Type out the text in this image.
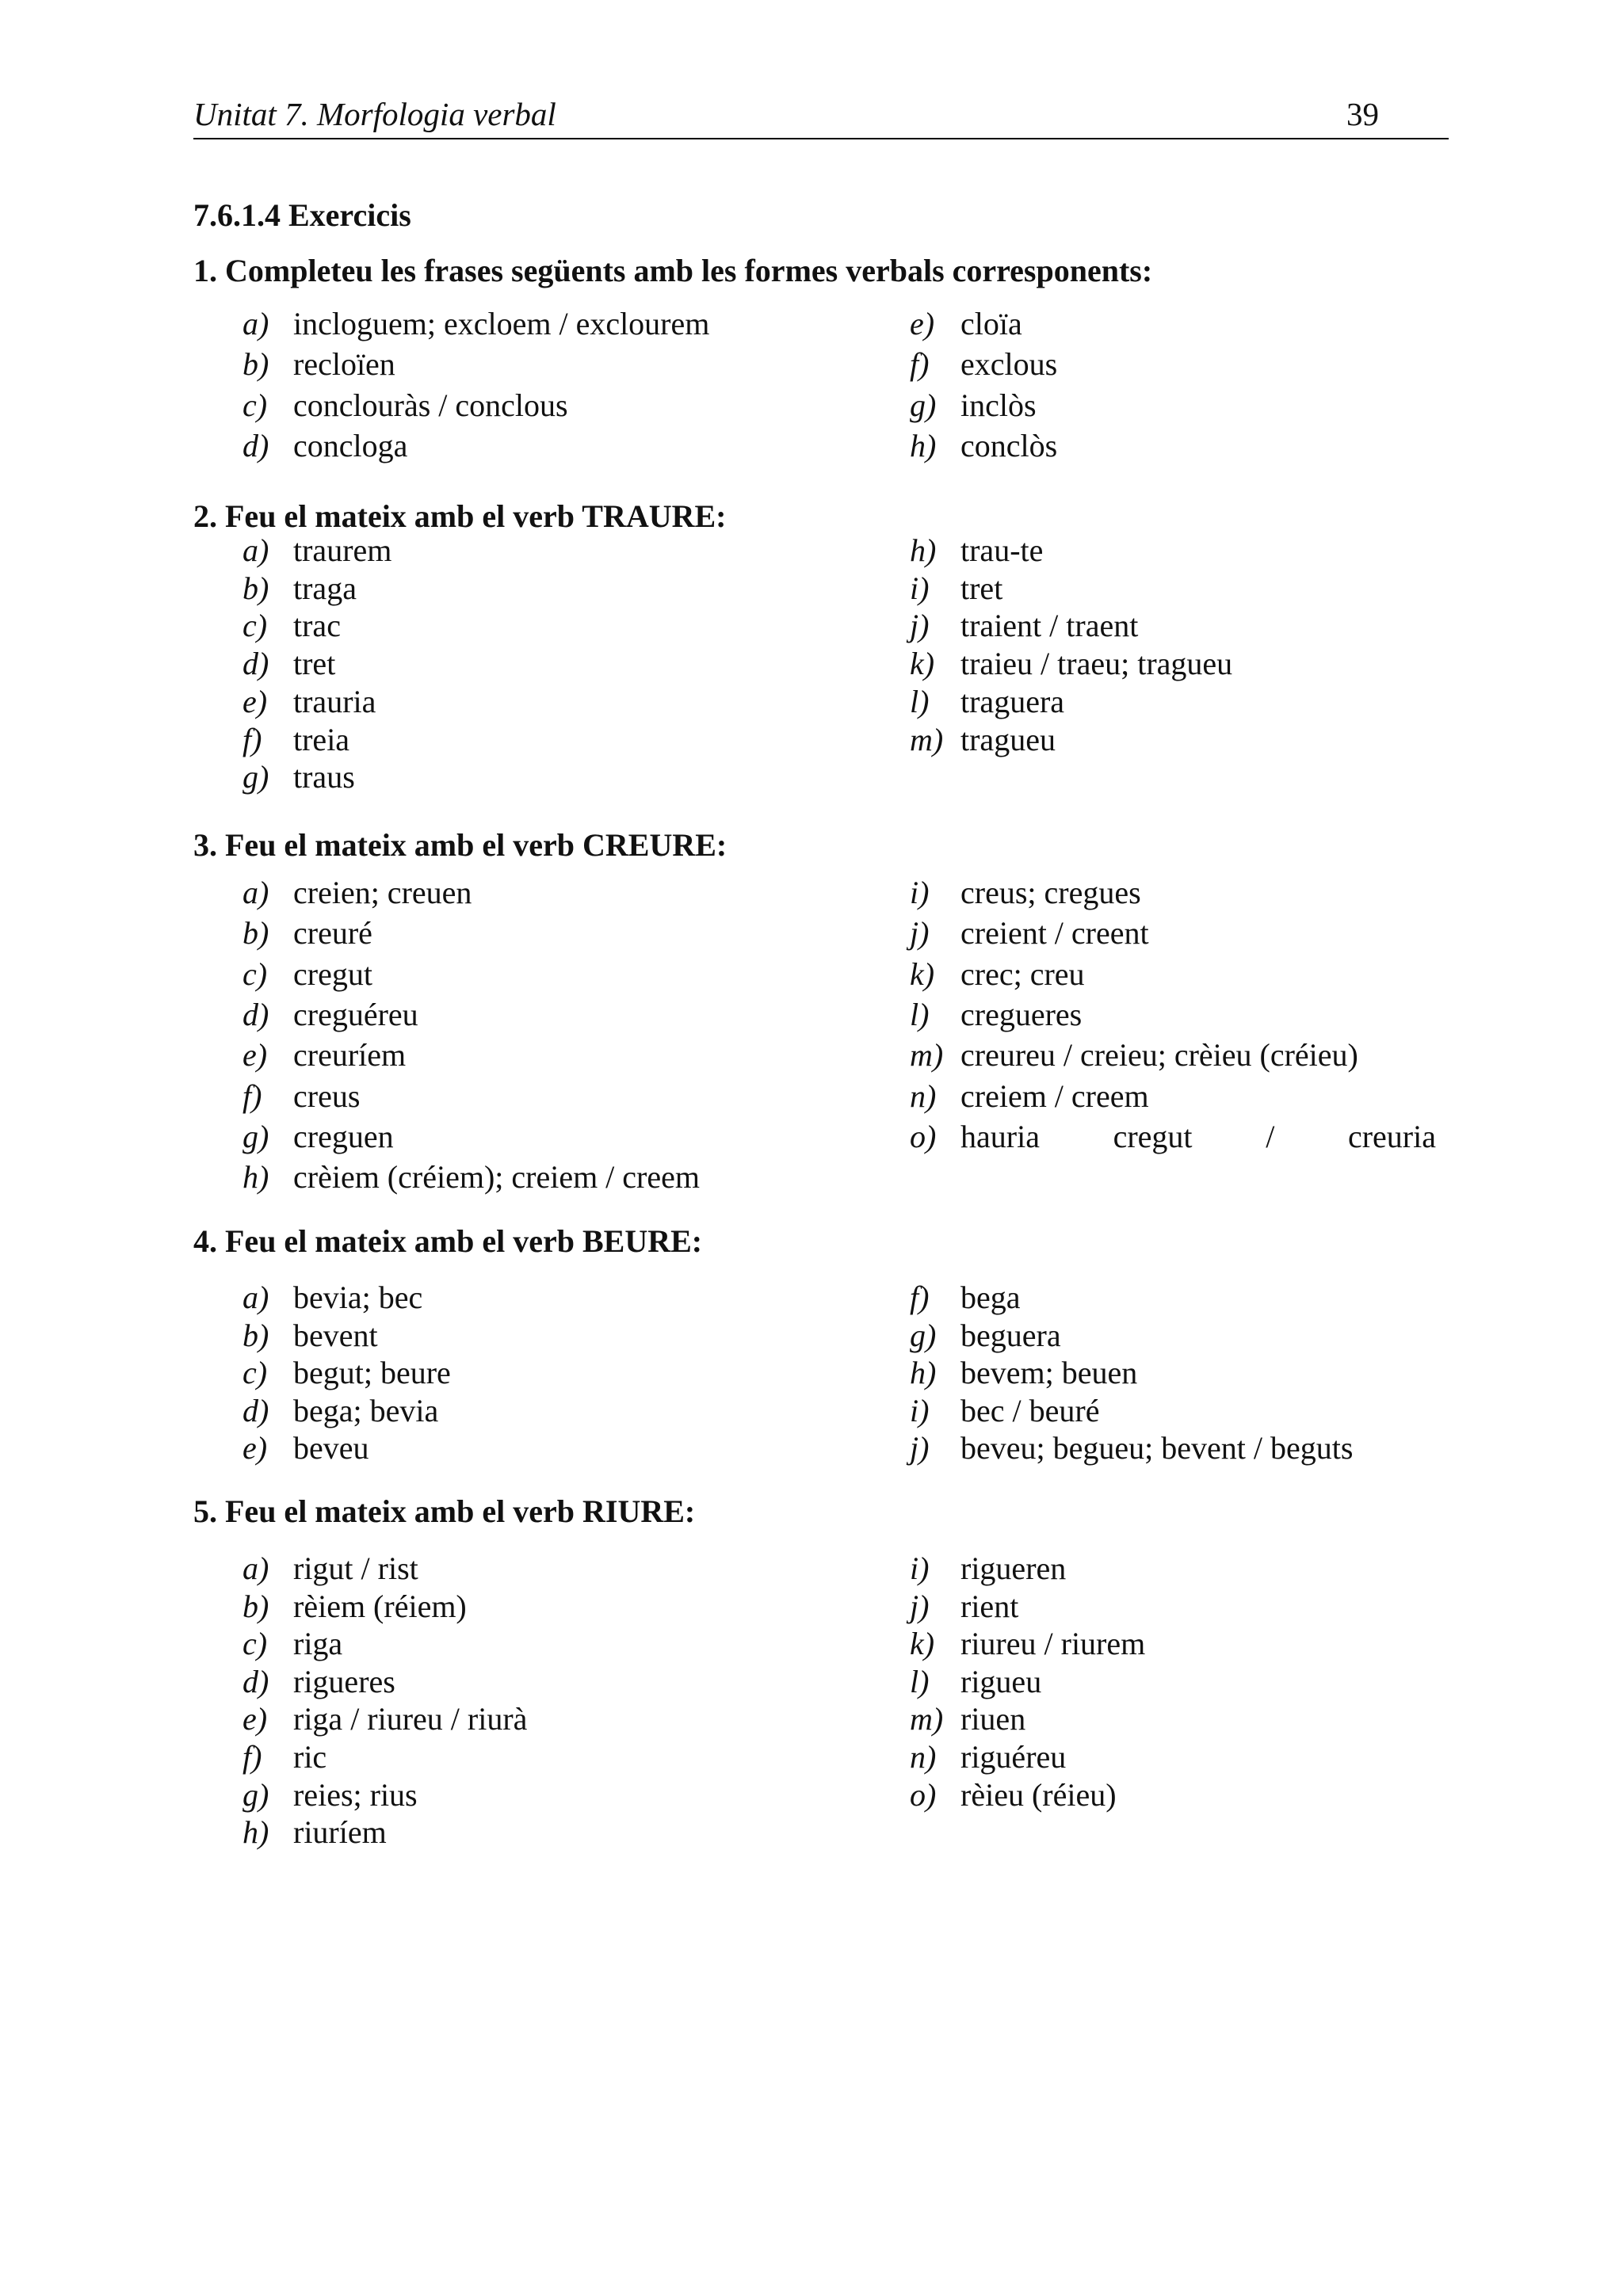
Unitat 7. Morfologia verbal	39
7.6.1.4 Exercicis
1. Completeu les frases següents amb les formes verbals corresponents:
a) incloguem; excloem / exclourem
b) recloïen
c) conclouràs / conclous
d) concloga
e) cloïa
f) exclous
g) inclòs
h) conclòs
2. Feu el mateix amb el verb TRAURE:
a) traurem
b) traga
c) trac
d) tret
e) trauria
f) treia
g) traus
h) trau-te
i) tret
j) traient / traent
k) traieu / traeu; tragueu
l) traguera
m) tragueu
3. Feu el mateix amb el verb CREURE:
a) creien; creuen
b) creuré
c) cregut
d) creguéreu
e) creuríem
f) creus
g) creguen
h) crèiem (créiem); creiem / creem
i) creus; cregues
j) creient / creent
k) crec; creu
l) cregueres
m) creureu / creieu; crèieu (créieu)
n) creiem / creem
o) hauria cregut / creuria
4. Feu el mateix amb el verb BEURE:
a) bevia; bec
b) bevent
c) begut; beure
d) bega; bevia
e) beveu
f) bega
g) beguera
h) bevem; beuen
i) bec / beuré
j) beveu; begueu; bevent / beguts
5. Feu el mateix amb el verb RIURE:
a) rigut / rist
b) rèiem (réiem)
c) riga
d) rigueres
e) riga / riureu / riurà
f) ric
g) reies; rius
h) riuríem
i) rigueren
j) rient
k) riureu / riurem
l) rigueu
m) riuen
n) riguéreu
o) rèieu (réieu)
